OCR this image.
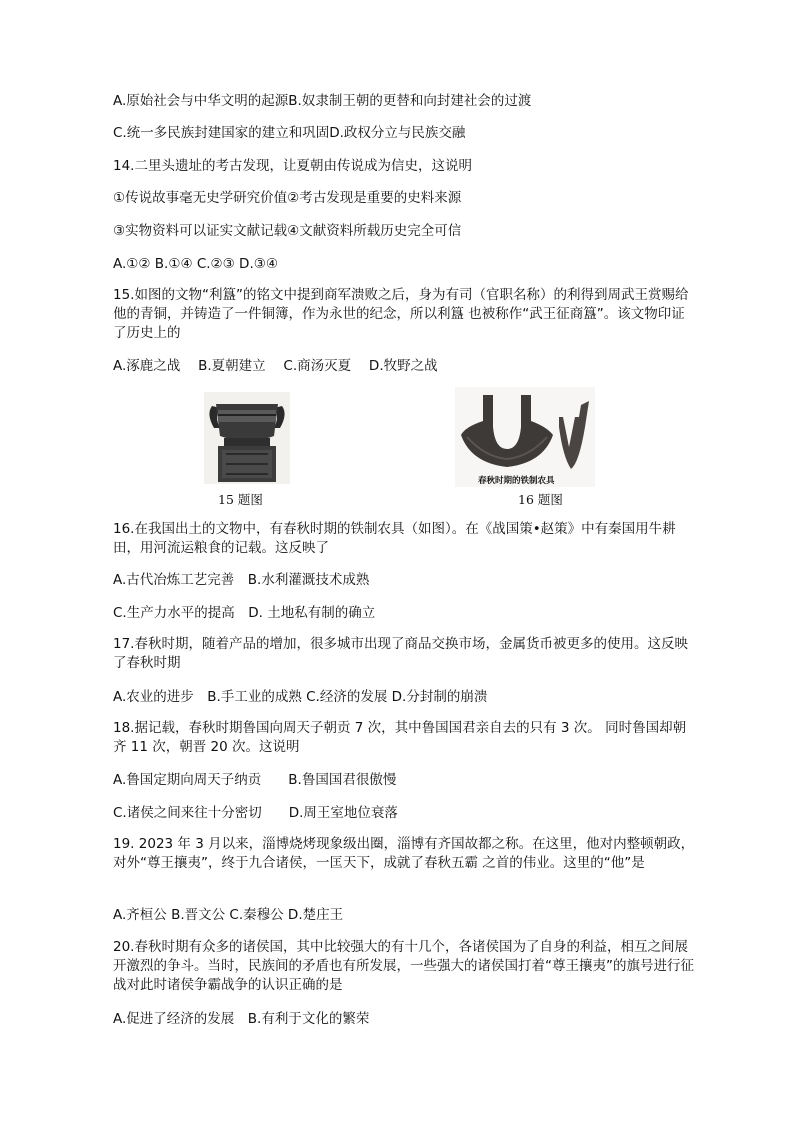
A.原始社会与中华文明的起源B.奴隶制王朝的更替和向封建社会的过渡
C.统一多民族封建国家的建立和巩固D.政权分立与民族交融
14.二里头遗址的考古发现，让夏朝由传说成为信史，这说明
①传说故事毫无史学研究价值②考古发现是重要的史料来源
③实物资料可以证实文献记载④文献资料所载历史完全可信
A.①② B.①④ C.②③ D.③④
15.如图的文物“利簋”的铭文中提到商军溃败之后，身为有司（官职名称）的利得到周武王赏赐给他的青铜，并铸造了一件铜簿，作为永世的纪念，所以利簋 也被称作“武王征商簋”。该文物印证了历史上的
A.涿鹿之战　 B.夏朝建立　 C.商汤灭夏　 D.牧野之战
15 题图
春秋时期的铁制农具
16 题图
16.在我国出土的文物中，有春秋时期的铁制农具（如图）。在《战国策•赵策》中有秦国用牛耕田，用河流运粮食的记载。这反映了
A.古代冶炼工艺完善　B.水利灌溉技术成熟
C.生产力水平的提高　D. 土地私有制的确立
17.春秋时期，随着产品的增加，很多城市出现了商品交换市场，金属货币被更多的使用。这反映了春秋时期
A.农业的进步　B.手工业的成熟 C.经济的发展 D.分封制的崩溃
18.据记载，春秋时期鲁国向周天子朝贡 7 次，其中鲁国国君亲自去的只有 3 次。 同时鲁国却朝齐 11 次，朝晋 20 次。这说明
A.鲁国定期向周天子纳贡　　B.鲁国国君很傲慢
C.诸侯之间来往十分密切　　D.周王室地位衰落
19. 2023 年 3 月以来，淄博烧烤现象级出圈，淄博有齐国故都之称。在这里，他对内整顿朝政，对外“尊王攘夷”，终于九合诸侯，一匡天下，成就了春秋五霸 之首的伟业。这里的“他”是
A.齐桓公 B.晋文公 C.秦穆公 D.楚庄王
20.春秋时期有众多的诸侯国，其中比较强大的有十几个，各诸侯国为了自身的利益，相互之间展开激烈的争斗。当时，民族间的矛盾也有所发展，一些强大的诸侯国打着“尊王攘夷”的旗号进行征战对此时诸侯争霸战争的认识正确的是
A.促进了经济的发展　B.有利于文化的繁荣
